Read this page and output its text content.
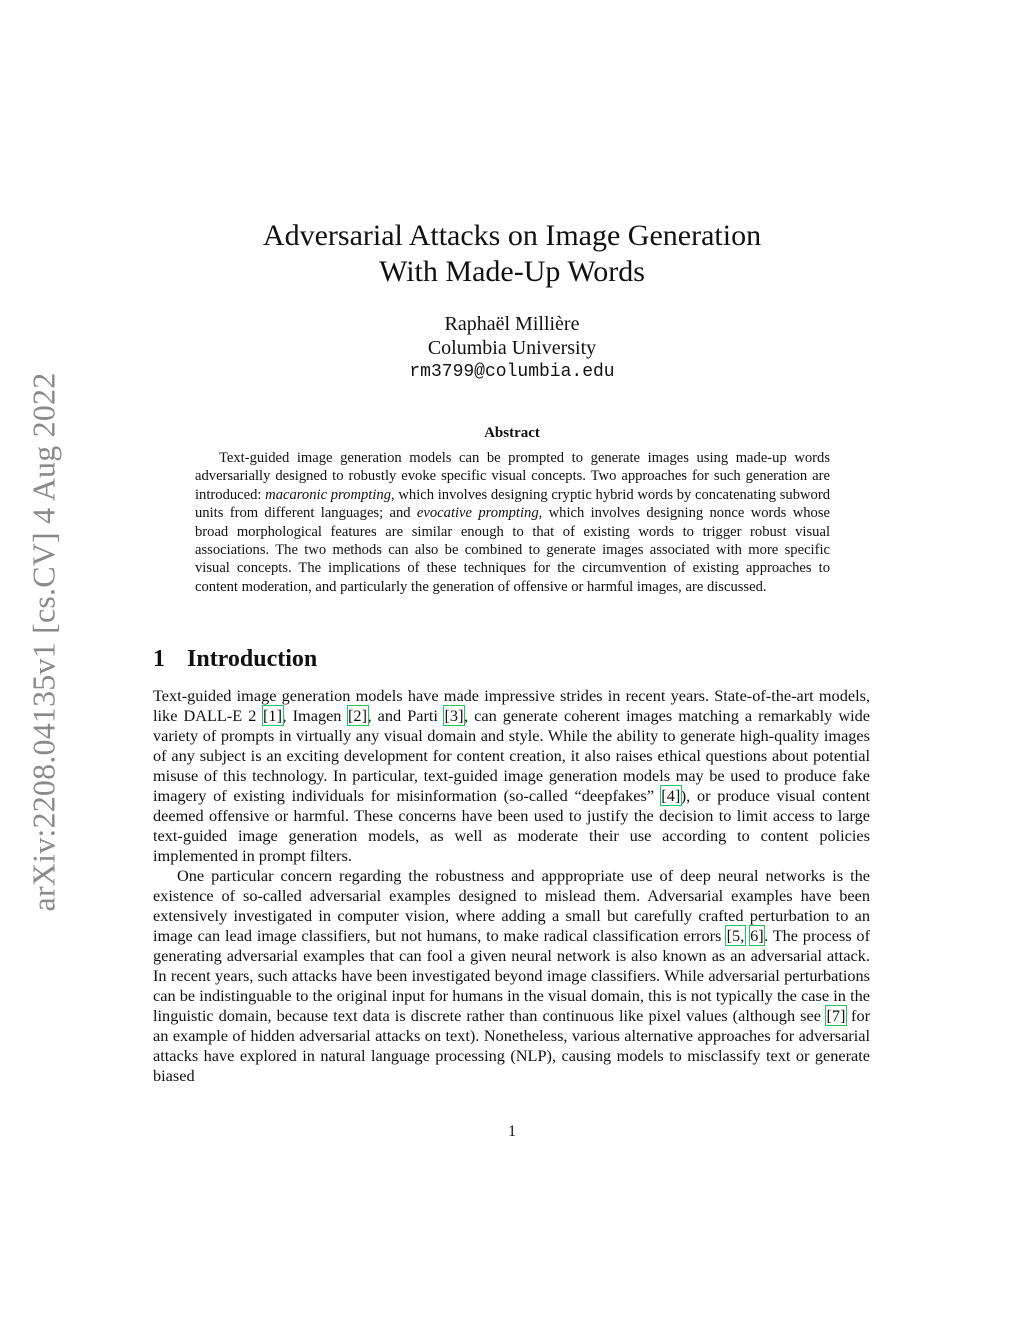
arXiv:2208.04135v1 [cs.CV] 4 Aug 2022
Adversarial Attacks on Image Generation
With Made-Up Words
Raphaël Millière
Columbia University
rm3799@columbia.edu
Abstract

Text-guided image generation models can be prompted to generate images using made-up words adversarially designed to robustly evoke specific visual concepts. Two approaches for such generation are introduced: macaronic prompting, which involves designing cryptic hybrid words by concatenating subword units from different languages; and evocative prompting, which involves designing nonce words whose broad morphological features are similar enough to that of existing words to trigger robust visual associations. The two methods can also be combined to generate images associated with more specific visual concepts. The implications of these techniques for the circumvention of existing approaches to content moderation, and particularly the generation of offensive or harmful images, are discussed.

1 Introduction

Text-guided image generation models have made impressive strides in recent years. State-of-the-art models, like DALL-E 2 [1], Imagen [2], and Parti [3], can generate coherent images matching a remarkably wide variety of prompts in virtually any visual domain and style. While the ability to generate high-quality images of any subject is an exciting development for content creation, it also raises ethical questions about potential misuse of this technology. In particular, text-guided image generation models may be used to produce fake imagery of existing individuals for misinformation (so-called “deepfakes” [4]), or produce visual content deemed offensive or harmful. These concerns have been used to justify the decision to limit access to large text-guided image generation models, as well as moderate their use according to content policies implemented in prompt filters.

One particular concern regarding the robustness and apppropriate use of deep neural networks is the existence of so-called adversarial examples designed to mislead them. Adversarial examples have been extensively investigated in computer vision, where adding a small but carefully crafted perturbation to an image can lead image classifiers, but not humans, to make radical classification errors [5, 6]. The process of generating adversarial examples that can fool a given neural network is also known as an adversarial attack. In recent years, such attacks have been investigated beyond image classifiers. While adversarial perturbations can be indistinguable to the original input for humans in the visual domain, this is not typically the case in the linguistic domain, because text data is discrete rather than continuous like pixel values (although see [7] for an example of hidden adversarial attacks on text). Nonetheless, various alternative approaches for adversarial attacks have explored in natural language processing (NLP), causing models to misclassify text or generate biased

1
